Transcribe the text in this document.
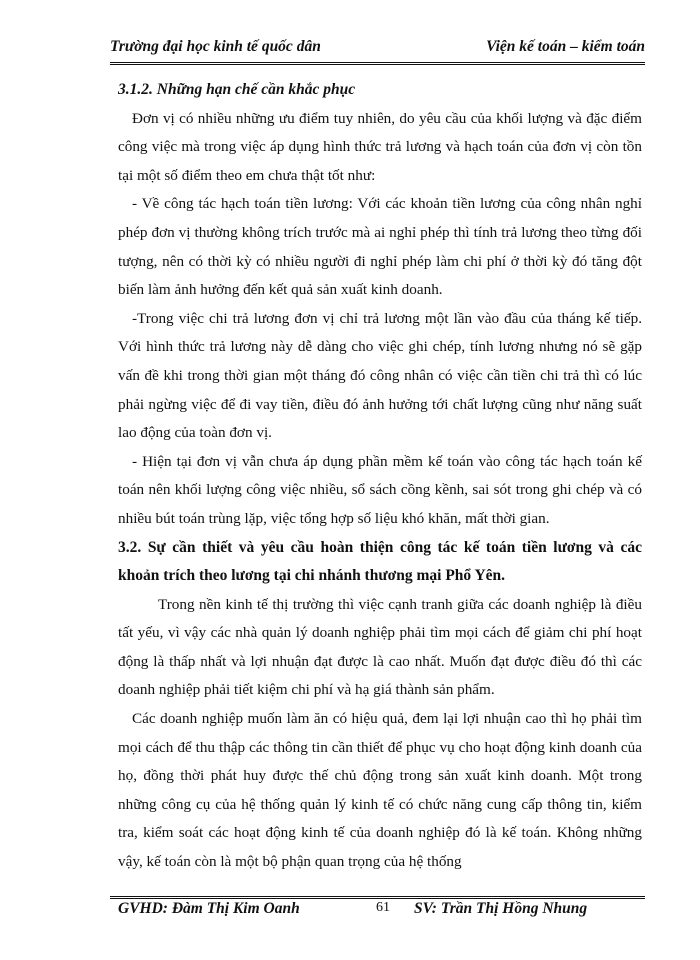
Trường đại học kinh tế quốc dân	Viện kế toán – kiểm toán

3.1.2. Những hạn chế cần khắc phục

Đơn vị có nhiều những ưu điểm tuy nhiên, do yêu cầu của khối lượng và đặc điểm công việc mà trong việc áp dụng hình thức trả lương và hạch toán của đơn vị còn tồn tại một số điểm theo em chưa thật tốt như:

- Về công tác hạch toán tiền lương: Với các khoản tiền lương của công nhân nghỉ phép đơn vị thường không trích trước mà ai nghỉ phép thì tính trả lương theo từng đối tượng, nên có thời kỳ có nhiều người đi nghỉ phép làm chi phí ở thời kỳ đó tăng đột biến làm ảnh hưởng đến kết quả sản xuất kinh doanh.

-Trong việc chi trả lương đơn vị chỉ trả lương một lần vào đầu của tháng kế tiếp. Với hình thức trả lương này dễ dàng cho việc ghi chép, tính lương nhưng nó sẽ gặp vấn đề khi trong thời gian một tháng đó công nhân có việc cần tiền chi trả thì có lúc phải ngừng việc để đi vay tiền, điều đó ảnh hưởng tới chất lượng cũng như năng suất lao động của toàn đơn vị.

- Hiện tại đơn vị vẫn chưa áp dụng phần mềm kế toán vào công tác hạch toán kế toán nên khối lượng công việc nhiều, sổ sách cồng kềnh, sai sót trong ghi chép và có nhiều bút toán trùng lặp, việc tổng hợp số liệu khó khăn, mất thời gian.

3.2. Sự cần thiết và yêu cầu hoàn thiện công tác kế toán tiền lương và các khoản trích theo lương tại chi nhánh thương mại Phổ Yên.

Trong nền kinh tế thị trường thì việc cạnh tranh giữa các doanh nghiệp là điều tất yếu, vì vậy các nhà quản lý doanh nghiệp phải tìm mọi cách để giảm chi phí hoạt động là thấp nhất và lợi nhuận đạt được là cao nhất. Muốn đạt được điều đó thì các doanh nghiệp phải tiết kiệm chi phí và hạ giá thành sản phẩm.

Các doanh nghiệp muốn làm ăn có hiệu quả, đem lại lợi nhuận cao thì họ phải tìm mọi cách để thu thập các thông tin cần thiết để phục vụ cho hoạt động kinh doanh của họ, đồng thời phát huy được thế chủ động trong sản xuất kinh doanh. Một trong những công cụ của hệ thống quản lý kinh tế có chức năng cung cấp thông tin, kiểm tra, kiểm soát các hoạt động kinh tế của doanh nghiệp đó là kế toán. Không những vậy, kế toán còn là một bộ phận quan trọng của hệ thống

GVHD: Đàm Thị Kim Oanh	61 SV: Trần Thị Hồng Nhung
